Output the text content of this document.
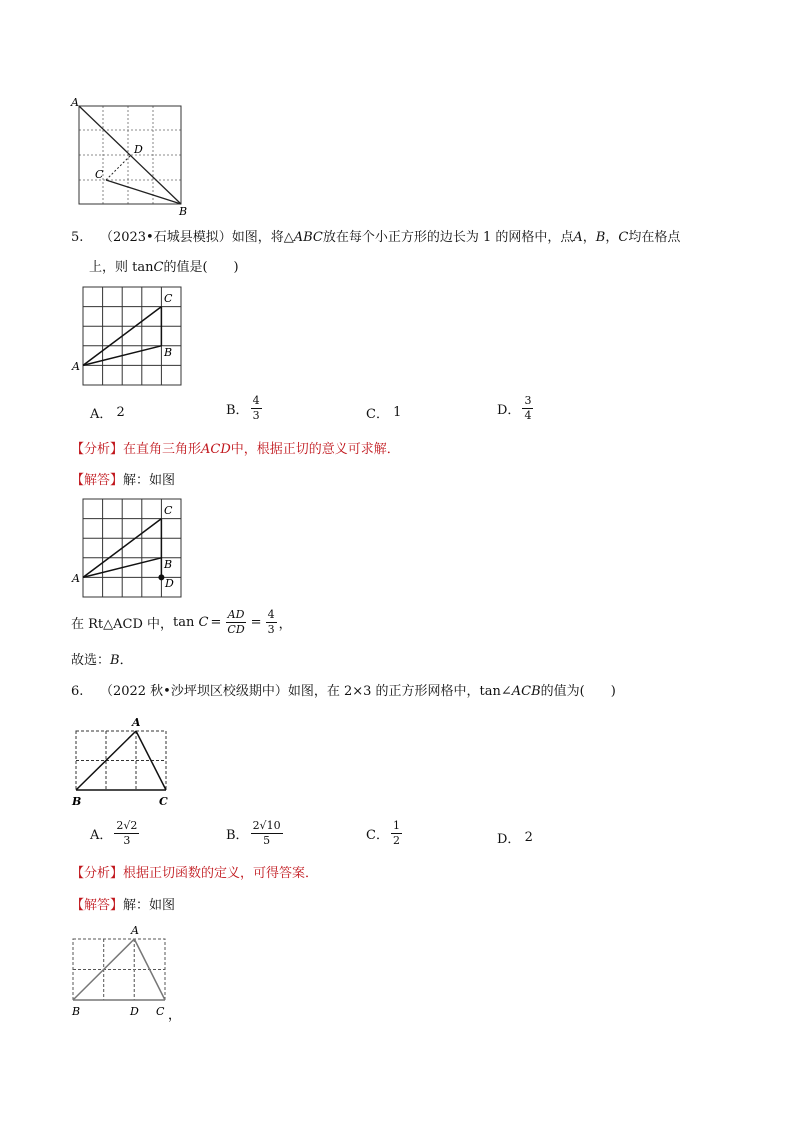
A
D
C
B
5. （2023•石城县模拟）如图，将△ABC放在每个小正方形的边长为 1 的网格中，点A，B，C均在格点
上，则 tanC的值是(　　)
C
B
A
A．
2	B． $\frac{4}{3}$	C．
1	D． $\frac{3}{4}$
【分析】在直角三角形ACD中，根据正切的意义可求解．
【解答】解：如图
C
B
A	D
在 Rt△ACD 中， tan
$C = \frac{AD}{CD} = \frac{4}{3}$ ，
故选：B．
6. （2022 秋•沙坪坝区校级期中）如图，在 2×3 的正方形网格中，tan∠ACB的值为(　　)
A
B	C
A． $\frac{2√2}{3}$	B． $\frac{2√10}{5}$	C． $\frac{1}{2}$	D．
2
【分析】根据正切函数的定义，可得答案．
【解答】解：如图
A
B	D C ，
